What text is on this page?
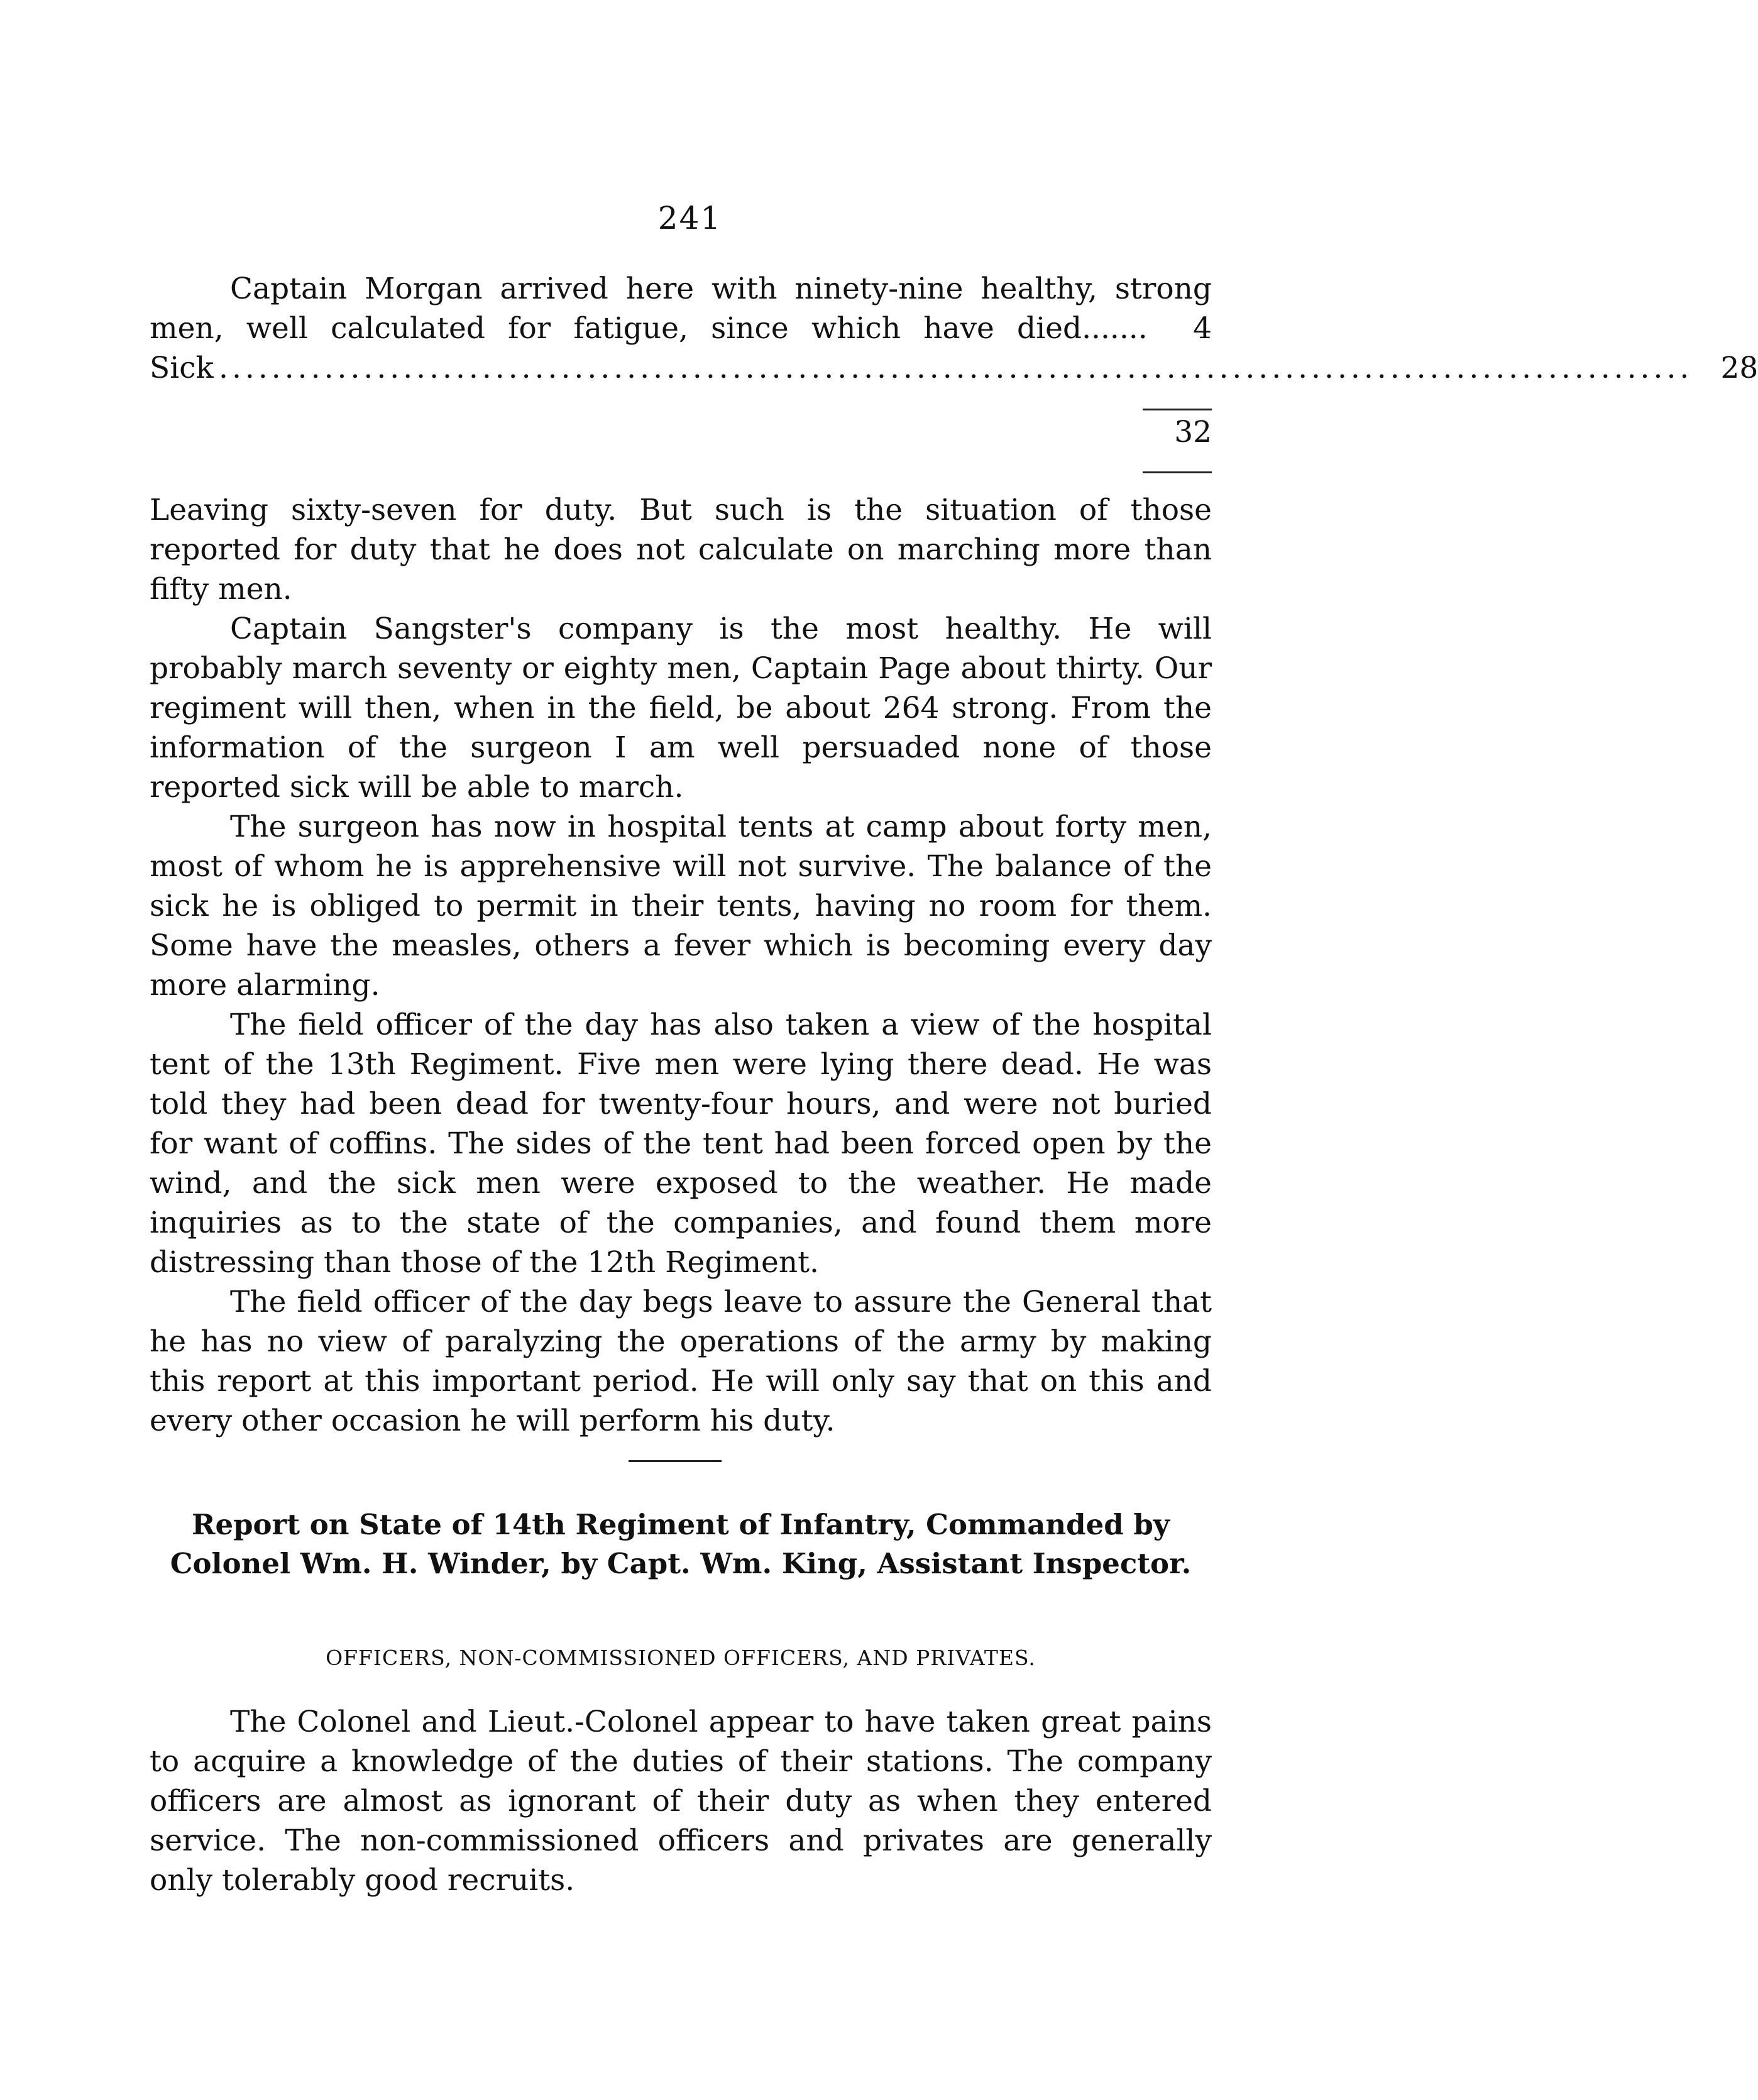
241

Captain Morgan arrived here with ninety-nine healthy, strong men, well calculated for fatigue, since which have died....... 4

Sick ................................................................................................................ 28
32

Leaving sixty-seven for duty. But such is the situation of those reported for duty that he does not calculate on marching more than fifty men.

Captain Sangster's company is the most healthy. He will probably march seventy or eighty men, Captain Page about thirty. Our regiment will then, when in the field, be about 264 strong. From the information of the surgeon I am well persuaded none of those reported sick will be able to march.

The surgeon has now in hospital tents at camp about forty men, most of whom he is apprehensive will not survive. The balance of the sick he is obliged to permit in their tents, having no room for them. Some have the measles, others a fever which is becoming every day more alarming.

The field officer of the day has also taken a view of the hospital tent of the 13th Regiment. Five men were lying there dead. He was told they had been dead for twenty-four hours, and were not buried for want of coffins. The sides of the tent had been forced open by the wind, and the sick men were exposed to the weather. He made inquiries as to the state of the companies, and found them more distressing than those of the 12th Regiment.

The field officer of the day begs leave to assure the General that he has no view of paralyzing the operations of the army by making this report at this important period. He will only say that on this and every other occasion he will perform his duty.

Report on State of 14th Regiment of Infantry, Commanded by Colonel Wm. H. Winder, by Capt. Wm. King, Assistant Inspector.
OFFICERS, NON-COMMISSIONED OFFICERS, AND PRIVATES.

The Colonel and Lieut.-Colonel appear to have taken great pains to acquire a knowledge of the duties of their stations. The company officers are almost as ignorant of their duty as when they entered service. The non-commissioned officers and privates are generally only tolerably good recruits.
